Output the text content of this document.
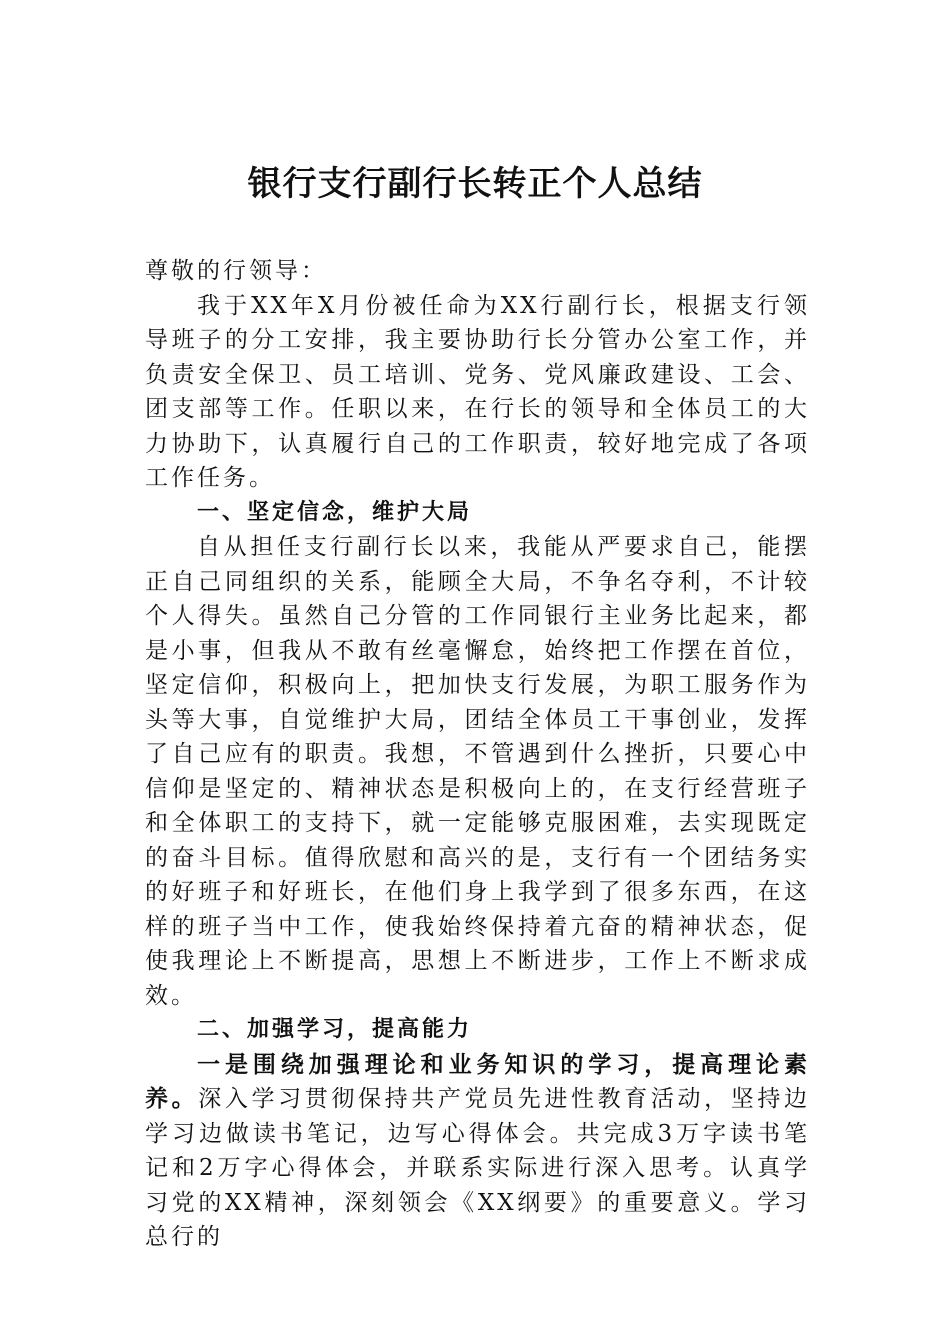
银行支行副行长转正个人总结

尊敬的行领导：

我于XX年X月份被任命为XX行副行长，根据支行领导班子的分工安排，我主要协助行长分管办公室工作，并负责安全保卫、员工培训、党务、党风廉政建设、工会、团支部等工作。任职以来，在行长的领导和全体员工的大力协助下，认真履行自己的工作职责，较好地完成了各项工作任务。

一、坚定信念，维护大局

自从担任支行副行长以来，我能从严要求自己，能摆正自己同组织的关系，能顾全大局，不争名夺利，不计较个人得失。虽然自己分管的工作同银行主业务比起来，都是小事，但我从不敢有丝毫懈怠，始终把工作摆在首位，坚定信仰，积极向上，把加快支行发展，为职工服务作为头等大事，自觉维护大局，团结全体员工干事创业，发挥了自己应有的职责。我想，不管遇到什么挫折，只要心中信仰是坚定的、精神状态是积极向上的，在支行经营班子和全体职工的支持下，就一定能够克服困难，去实现既定的奋斗目标。值得欣慰和高兴的是，支行有一个团结务实的好班子和好班长，在他们身上我学到了很多东西，在这样的班子当中工作，使我始终保持着亢奋的精神状态，促使我理论上不断提高，思想上不断进步，工作上不断求成效。

二、加强学习，提高能力

一是围绕加强理论和业务知识的学习，提高理论素养。深入学习贯彻保持共产党员先进性教育活动，坚持边学习边做读书笔记，边写心得体会。共完成3万字读书笔记和2万字心得体会，并联系实际进行深入思考。认真学习党的XX精神，深刻领会《XX纲要》的重要意义。学习总行的
